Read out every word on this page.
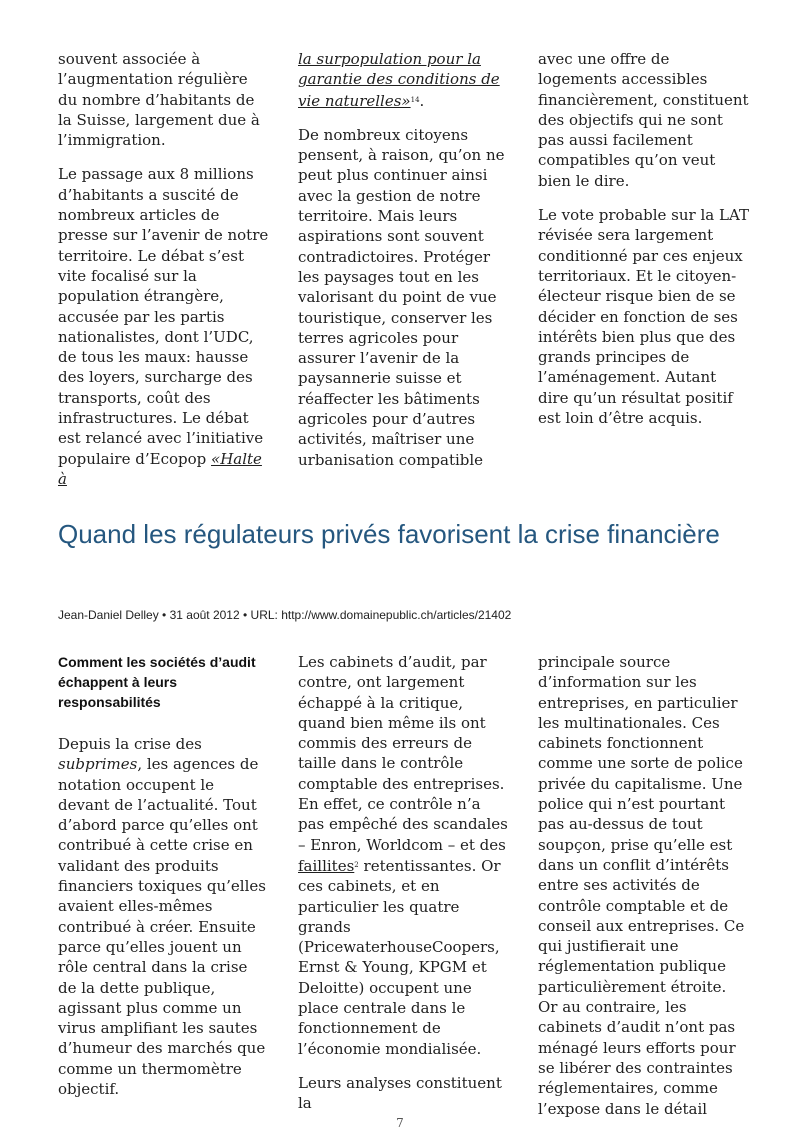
souvent associée à l’augmentation régulière du nombre d’habitants de la Suisse, largement due à l’immigration.

Le passage aux 8 millions d’habitants a suscité de nombreux articles de presse sur l’avenir de notre territoire. Le débat s’est vite focalisé sur la population étrangère, accusée par les partis nationalistes, dont l’UDC, de tous les maux: hausse des loyers, surcharge des transports, coût des infrastructures. Le débat est relancé avec l’initiative populaire d’Ecopop «Halte à

la surpopulation pour la garantie des conditions de vie naturelles»$^{14}$.

De nombreux citoyens pensent, à raison, qu’on ne peut plus continuer ainsi avec la gestion de notre territoire. Mais leurs aspirations sont souvent contradictoires. Protéger les paysages tout en les valorisant du point de vue touristique, conserver les terres agricoles pour assurer l’avenir de la paysannerie suisse et réaffecter les bâtiments agricoles pour d’autres activités, maîtriser une urbanisation compatible

avec une offre de logements accessibles financièrement, constituent des objectifs qui ne sont pas aussi facilement compatibles qu’on veut bien le dire.

Le vote probable sur la LAT révisée sera largement conditionné par ces enjeux territoriaux. Et le citoyen-électeur risque bien de se décider en fonction de ses intérêts bien plus que des grands principes de l’aménagement. Autant dire qu’un résultat positif est loin d’être acquis.

Quand les régulateurs privés favorisent la crise financière
Jean-Daniel Delley • 31 août 2012 • URL: http://www.domainepublic.ch/articles/21402
Comment les sociétés d’audit échappent à leurs responsabilités

Depuis la crise des subprimes, les agences de notation occupent le devant de l’actualité. Tout d’abord parce qu’elles ont contribué à cette crise en validant des produits financiers toxiques qu’elles avaient elles-mêmes contribué à créer. Ensuite parce qu’elles jouent un rôle central dans la crise de la dette publique, agissant plus comme un virus amplifiant les sautes d’humeur des marchés que comme un thermomètre objectif.

Les cabinets d’audit, par contre, ont largement échappé à la critique, quand bien même ils ont commis des erreurs de taille dans le contrôle comptable des entreprises. En effet, ce contrôle n’a pas empêché des scandales – Enron, Worldcom – et des faillites$^2$ retentissantes. Or ces cabinets, et en particulier les quatre grands (PricewaterhouseCoopers, Ernst & Young, KPGM et Deloitte) occupent une place centrale dans le fonctionnement de l’économie mondialisée.

Leurs analyses constituent la

principale source d’information sur les entreprises, en particulier les multinationales. Ces cabinets fonctionnent comme une sorte de police privée du capitalisme. Une police qui n’est pourtant pas au-dessus de tout soupçon, prise qu’elle est dans un conflit d’intérêts entre ses activités de contrôle comptable et de conseil aux entreprises. Ce qui justifierait une réglementation publique particulièrement étroite. Or au contraire, les cabinets d’audit n’ont pas ménagé leurs efforts pour se libérer des contraintes réglementaires, comme l’expose dans le détail

7
